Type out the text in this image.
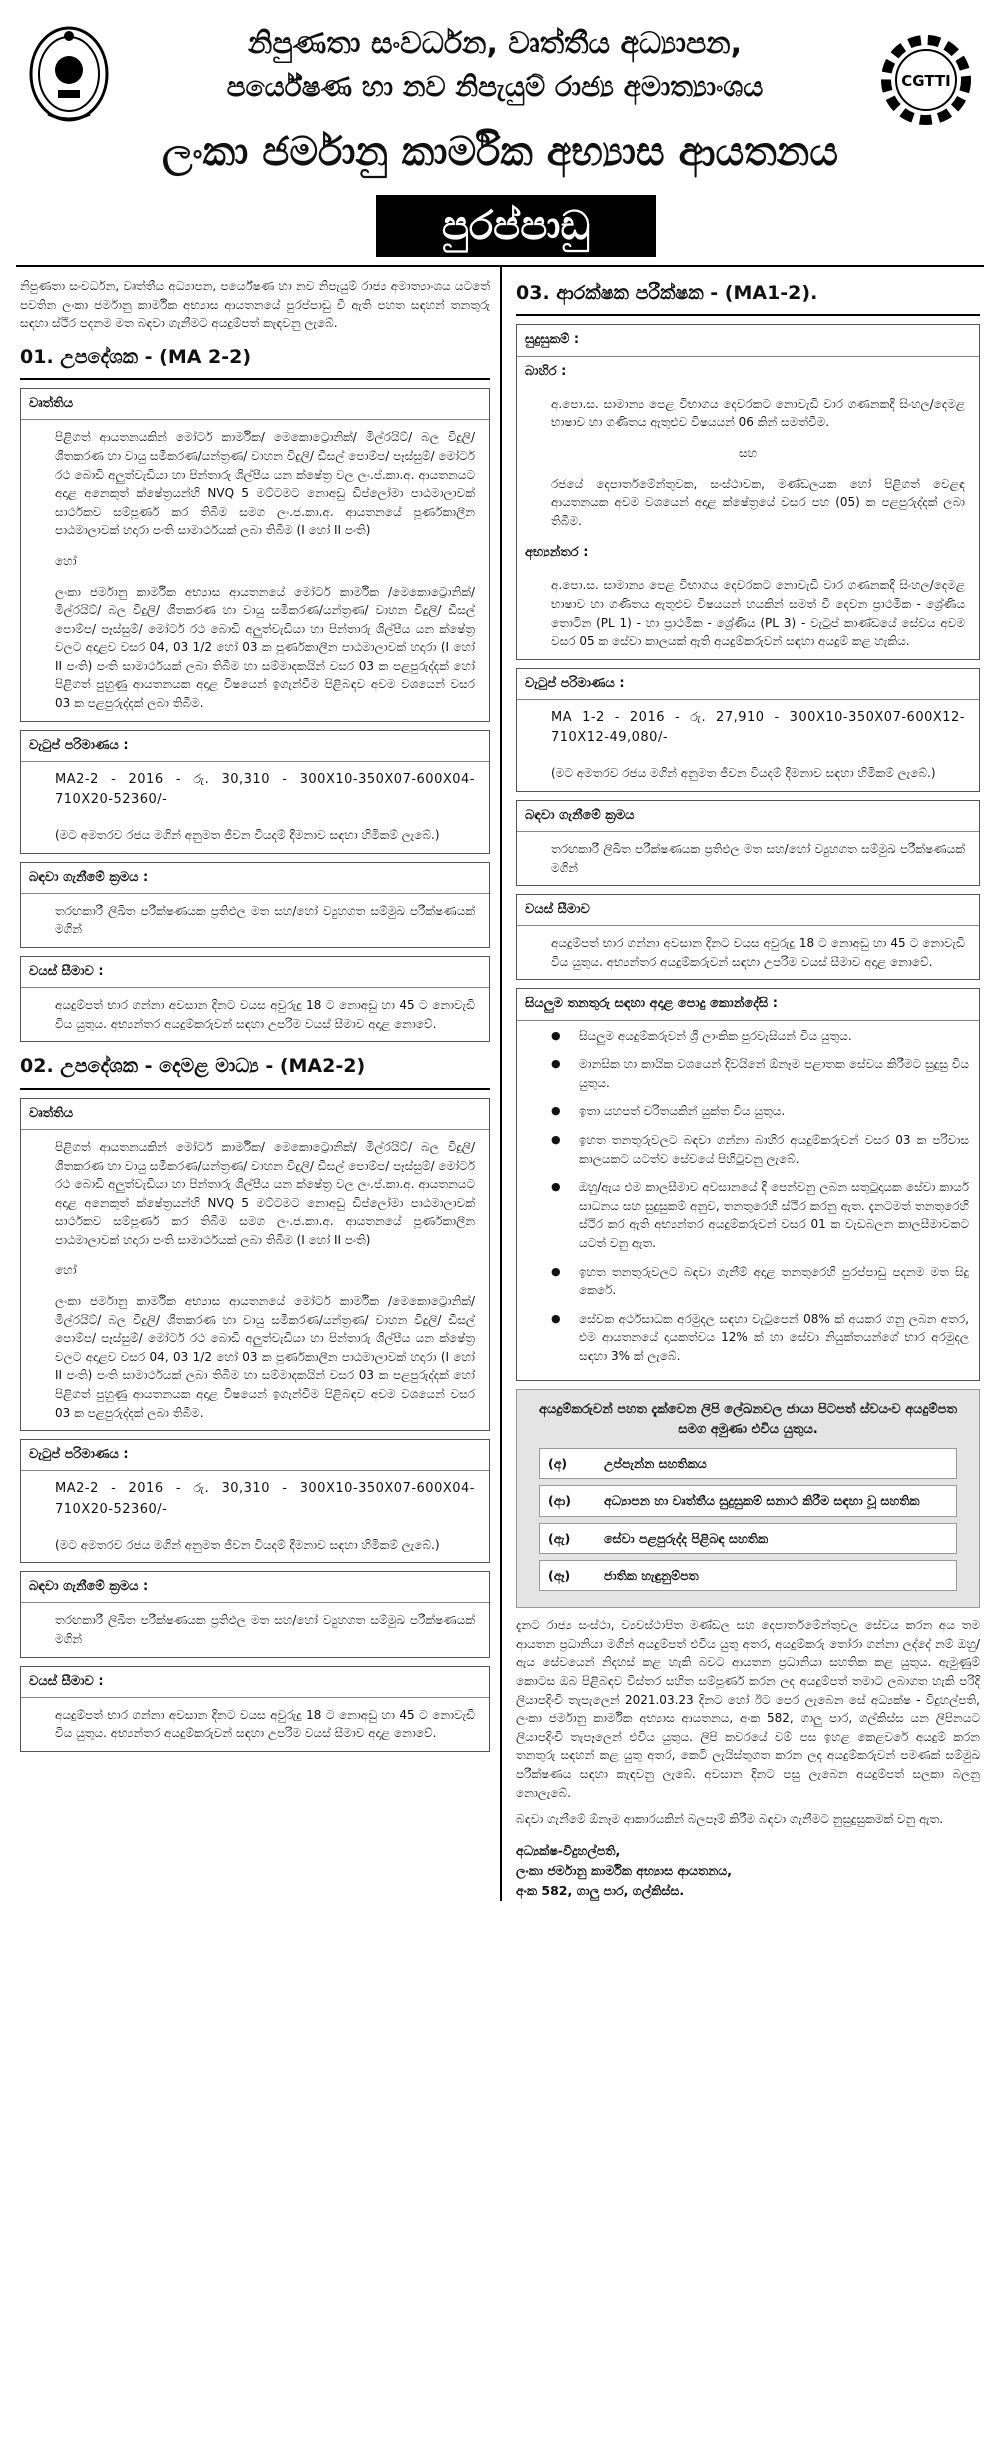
නිපුණතා සංවර්ධන, වෘත්තීය අධ්‍යාපන,
පර්යේෂණ හා නව නිපැයුම් රාජ්‍ය අමාත්‍යාංශය	CGTTI
ලංකා ජර්මානු කාර්මික අභ්‍යාස ආයතනය
පුරප්පාඩු

නිපුණතා සංවර්ධන, වෘත්තීය අධ්‍යාපන, පර්යේෂණ හා නව නිපැයුම් රාජ්‍ය අමාත්‍යාංශය යටතේ පවතින ලංකා ජර්මානු කාර්මික අභ්‍යාස ආයතනයේ පුරප්පාඩු වී ඇති පහත සඳහන් තනතුරු සඳහා ස්ථිර පදනම මත බඳවා ගැනීමට අයදුම්පත් කැඳවනු ලැබේ.

01. උපදේශක - (MA 2-2)
වෘත්තිය

පිළිගත් ආයතනයකින් මෝටර් කාර්මික/ මෙකොට්‍රොනික්/ මිල්රයිට්/ බල විදුලි/ ශීතකරණ හා වායු සමීකරණ/යන්ත්‍රණ/ වාහන විදුලි/ ඩීසල් පොම්ප/ පෑස්සුම්/ මෝටර් රථ බොඩි අලුත්වැඩියා හා පින්තාරු ශිල්පීය යන ක්ෂේත්‍ර වල ලං.ප්.කා.අ. ආයතනයට අදාළ අනෙකුත් ක්ෂේත්‍රයන්හි NVQ 5 මට්ටමට නොඅඩු ඩිප්ලෝමා පාඨමාලාවක් සාර්ථකව සම්පූර්ණ කර තිබීම සමග ලං.ජ.කා.අ. ආයතනයේ පූර්ණකාලීන පාඨමාලාවක් හදාරා පංති සාමාර්ථයක් ලබා තිබීම (I හෝ II පංති)

හෝ

ලංකා ජර්මානු කාර්මික අභ්‍යාස ආයතනයේ මෝටර් කාර්මික /මෙකොට්‍රොනික්/මිල්රයිට්/ බල විදුලි/ ශීතකරණ හා වායු සමීකරණ/යන්ත්‍රණ/ වාහන විදුලි/ ඩීසල් පොම්ප/ පෑස්සුම්/ මෝටර් රථ බොඩි අලුත්වැඩියා හා පින්තාරු ශිල්පීය යන ක්ෂේත්‍ර වලට අදාළව වසර 04, 03 1/2 හෝ 03 ක පූර්ණකාලීන පාඨමාලාවක් හදාරා (I හෝ II පංති) පංති සාමාර්ථයක් ලබා තිබීම හා සම්මාදකයින් වසර 03 ක පළපුරුද්දක් හෝ පිළිගත් පුහුණු ආයතනයක අදාළ විෂයෙන් ඉගැන්වීම පිළිබඳව අවම වශයෙන් වසර 03 ක පළපුරුද්දක් ලබා තිබීම.

වැටුප් පරිමාණය :

MA2-2 - 2016 - රු. 30,310 - 300X10-350X07-600X04-710X20-52360/-

(මට අමතරව රජය මගින් අනුමත ජීවන වියදම් දීමනාව සඳහා හිමිකම් ලැබේ.)

බඳවා ගැනීමේ ක්‍රමය :

තරඟකාරී ලිඛිත පරීක්ෂණයක ප්‍රතිඵල මත සහ/හෝ ව්‍යුහගත සම්මුඛ පරීක්ෂණයක් මගින්

වයස් සීමාව :

අයදුම්පත් භාර ගන්නා අවසාන දිනට වයස අවුරුදු 18 ට නොඅඩු හා 45 ට නොවැඩි විය යුතුය. අභ්‍යන්තර අයදුම්කරුවන් සඳහා උපරිම වයස් සීමාව අදාළ නොවේ.

02. උපදේශක - දෙමළ මාධ්‍ය - (MA2-2)
වෘත්තිය

පිළිගත් ආයතනයකින් මෝටර් කාර්මික/ මෙකොට්‍රොනික්/ මිල්රයිට්/ බල විදුලි/ ශීතකරණ හා වායු සමීකරණ/යන්ත්‍රණ/ වාහන විදුලි/ ඩීසල් පොම්ප/ පෑස්සුම්/ මෝටර් රථ බොඩි අලුත්වැඩියා හා පින්තාරු ශිල්පීය යන ක්ෂේත්‍ර වල ලං.ප්.කා.අ. ආයතනයට අදාළ අනෙකුත් ක්ෂේත්‍රයන්හි NVQ 5 මට්ටමට නොඅඩු ඩිප්ලෝමා පාඨමාලාවක් සාර්ථකව සම්පූර්ණ කර තිබීම සමග ලං.ජ.කා.අ. ආයතනයේ පූර්ණකාලීන පාඨමාලාවක් හදාරා පංති සාමාර්ථයක් ලබා තිබීම (I හෝ II පංති)

හෝ

ලංකා ජර්මානු කාර්මික අභ්‍යාස ආයතනයේ මෝටර් කාර්මික /මෙකොට්‍රොනික්/මිල්රයිට්/ බල විදුලි/ ශීතකරණ හා වායු සමීකරණ/යන්ත්‍රණ/ වාහන විදුලි/ ඩීසල් පොම්ප/ පෑස්සුම්/ මෝටර් රථ බොඩි අලුත්වැඩියා හා පින්තාරු ශිල්පීය යන ක්ෂේත්‍ර වලට අදාළව වසර 04, 03 1/2 හෝ 03 ක පූර්ණකාලීන පාඨමාලාවක් හදාරා (I හෝ II පංති) පංති සාමාර්ථයක් ලබා තිබීම හා සම්මාදකයින් වසර 03 ක පළපුරුද්දක් හෝ පිළිගත් පුහුණු ආයතනයක අදාළ විෂයෙන් ඉගැන්වීම පිළිබඳව අවම වශයෙන් වසර 03 ක පළපුරුද්දක් ලබා තිබීම.

වැටුප් පරිමාණය :

MA2-2 - 2016 - රු. 30,310 - 300X10-350X07-600X04-710X20-52360/-

(මට අමතරව රජය මගින් අනුමත ජීවන වියදම් දීමනාව සඳහා හිමිකම් ලැබේ.)

බඳවා ගැනීමේ ක්‍රමය :

තරඟකාරී ලිඛිත පරීක්ෂණයක ප්‍රතිඵල මත සහ/හෝ ව්‍යුහගත සම්මුඛ පරීක්ෂණයක් මගින්

වයස් සීමාව :

අයදුම්පත් භාර ගන්නා අවසාන දිනට වයස අවුරුදු 18 ට නොඅඩු හා 45 ට නොවැඩි විය යුතුය. අභ්‍යන්තර අයදුම්කරුවන් සඳහා උපරිම වයස් සීමාව අදාළ නොවේ.

03. ආරක්ෂක පරීක්ෂක - (MA1-2).
සුදුසුකම් :
බාහිර :

අ.පො.ස. සාමාන්‍ය පෙළ විභාගය දෙවරකට නොවැඩි වාර ගණනකදී සිංහල/දෙමළ භාෂාව හා ගණිතය ඇතුළුව විෂයයන් 06 කින් සමත්වීම.

සහ

රජයේ දෙපාර්තමේන්තුවක, සංස්ථාවක, මණ්ඩලයක හෝ පිළිගත් වෙළඳ ආයතනයක අවම වශයෙන් අදාළ ක්ෂේත්‍රයේ වසර පහ (05) ක පළපුරුද්දක් ලබා තිබීම.

අභ්‍යන්තර :

අ.පො.ස. සාමාන්‍ය පෙළ විභාගය දෙවරකට නොවැඩි වාර ගණනකදී සිංහල/දෙමළ භාෂාව හා ගණිතය ඇතුළුව විෂයයන් හයකින් සමත් වී දෙවන ප්‍රාථමික - ශ්‍රේණිය තොටින (PL 1) - හා ප්‍රාථමික - ශ්‍රේණිය (PL 3) - වැටුප් කාණ්ඩයේ සේවය අවම වසර 05 ක සේවා කාලයක් ඇති අයදුම්කරුවන් සඳහා අයදුම් කළ හැකිය.

වැටුප් පරිමාණය :

MA 1-2 - 2016 - රු. 27,910 - 300X10-350X07-600X12-710X12-49,080/-

(මට අමතරව රජය මගින් අනුමත ජීවන වියදම් දීමනාව සඳහා හිමිකම් ලැබේ.)

බඳවා ගැනීමේ ක්‍රමය

තරඟකාරී ලිඛිත පරීක්ෂණයක ප්‍රතිඵල මත සහ/හෝ ව්‍යුහගත සම්මුඛ පරීක්ෂණයක් මගින්

වයස් සීමාව

අයදුම්පත් භාර ගන්නා අවසාන දිනට වයස අවුරුදු 18 ට නොඅඩු හා 45 ට නොවැඩි විය යුතුය. අභ්‍යන්තර අයදුම්කරුවන් සඳහා උපරිම වයස් සීමාව අදාළ නොවේ.

සියලුම තනතුරු සඳහා අදාළ පොදු කොන්දේසි :
● සියලුම අයදුම්කරුවන් ශ්‍රී ලාංකික පුරවැසියන් විය යුතුය.
● මානසික හා කායික වශයෙන් දිවයිනේ ඕනෑම පළාතක සේවය කිරීමට සුදුසු විය යුතුය.
● ඉතා යහපත් චරිතයකින් යුක්ත විය යුතුය.
● ඉහත තනතුරුවලට බඳවා ගන්නා බාහිර අයදුම්කරුවන් වසර 03 ක පරිවාස කාලයකට යටත්ව සේවයේ පිහිටුවනු ලැබේ.
● ඔහු/ඇය එම කාලසීමාව අවසානයේ දී පෙන්වනු ලබන සතුටුදායක සේවා කාර්ය සාධනය සහ සුදුසුකම් අනුව, තනතුරෙහි ස්ථිර කරනු ඇත. දැනටමත් තනතුරෙහි ස්ථිර කර ඇති අභ්‍යන්තර අයදුම්කරුවන් වසර 01 ක වැඩබලන කාලසීමාවකට යටත් වනු ඇත.
● ඉහත තනතුරුවලට බඳවා ගැනීම් අදාළ තනතුරෙහි පුරප්පාඩු පදනම මත සිදු කෙරේ.
● සේවක අර්ථසාධක අරමුදල සඳහා වැටුපෙන් 08% ක් අයකර ගනු ලබන අතර, එම ආයතනයේ දායකත්වය 12% ක් හා සේවා නියුක්තයන්ගේ භාර අරමුදල සඳහා 3% ක් ලැබේ.

අයදුම්කරුවන් පහත දැක්වෙන ලිපි ලේඛනවල ජායා පිටපත් ස්වයංව අයදුම්පත සමග අමුණා එවිය යුතුය.

(අ)	උප්පැන්න සහතිකය
(ආ)	අධ්‍යාපන හා වෘත්තීය සුදුසුකම් සනාථ කිරීම සඳහා වූ සහතික
(ඇ)	සේවා පළපුරුද්ද පිළිබඳ සහතික
(ඈ)	ජාතික හැඳුනුම්පත

දැනට රාජ්‍ය සංස්ථා, ව්‍යවස්ථාපිත මණ්ඩල සහ දෙපාර්තමේන්තුවල සේවය කරන අය තම ආයතන ප්‍රධානියා මගින් අයදුම්පත් එවිය යුතු අතර, අයදුම්කරු තෝරා ගන්නා ලද්දේ නම් ඔහු/ඇය සේවයෙන් නිදහස් කළ හැකි බවට ආයතන ප්‍රධානියා සහතික කළ යුතුය. ඇමුණුම් කොටස ඔබ පිළිබඳව විස්තර සහිත සම්පූර්ණ කරන ලද අයදුම්පත් තමාට ලබාගත හැකි පරිදි ලියාපදිංචි තැපැලෙන් 2021.03.23 දිනට හෝ ඊට පෙර ලැබෙන සේ අධ්‍යක්ෂ - විදුහල්පති, ලංකා ජර්මානු කාර්මික අභ්‍යාස ආයතනය, අංක 582, ගාලු පාර, ගල්කිස්ස යන ලිපිනයට ලියාපදිංචි තැපෑලෙන් එවිය යුතුය. ලිපි කවරයේ වම් පස ඉහළ කෙළවරේ අයදුම් කරන තනතුරු සඳහන් කළ යුතු අතර, කෙටි ලැයිස්තුගත කරන ලද අයදුම්කරුවන් පමණක් සම්මුඛ පරීක්ෂණය සඳහා කැඳවනු ලැබේ. අවසාන දිනට පසු ලැබෙන අයදුම්පත් සලකා බලනු නොලැබේ.

බඳවා ගැනීමේ ඕනෑම ආකාරයකින් බලපෑම් කිරීම බඳවා ගැනීමට නුසුදුසුකමක් වනු ඇත.

අධ්‍යක්ෂ-විදුහල්පති,
ලංකා ජර්මානු කාර්මික අභ්‍යාස ආයතනය,
අංක 582, ගාලු පාර, ගල්කිස්ස.
